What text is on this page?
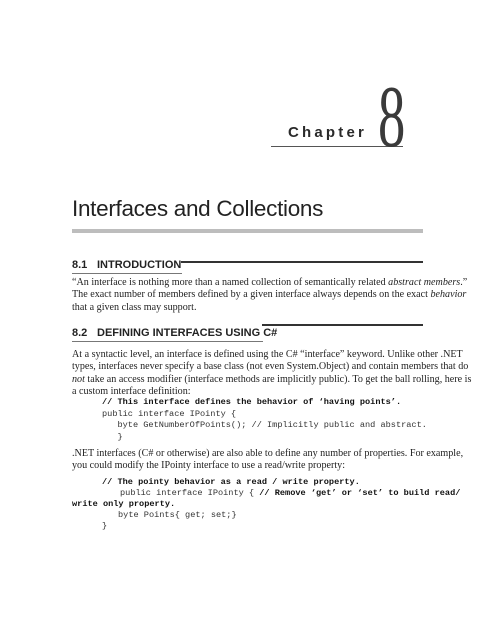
Chapter 8
Interfaces and Collections
8.1 INTRODUCTION
“An interface is nothing more than a named collection of semantically related abstract members.”
The exact number of members defined by a given interface always depends on the exact behavior
that a given class may support.
8.2 DEFINING INTERFACES USING C#
At a syntactic level, an interface is defined using the C# “interface” keyword. Unlike other .NET
types, interfaces never specify a base class (not even System.Object) and contain members that do
not take an access modifier (interface methods are implicitly public). To get the ball rolling, here is
a custom interface definition:
// This interface defines the behavior of ‘having points’.
public interface IPointy {
byte GetNumberOfPoints(); // Implicitly public and abstract.
}
.NET interfaces (C# or otherwise) are also able to define any number of properties. For example,
you could modify the IPointy interface to use a read/write property:
// The pointy behavior as a read / write property.
public interface IPointy { // Remove ‘get’ or ‘set’ to build read/
write only property.
byte Points{ get; set;}
}
